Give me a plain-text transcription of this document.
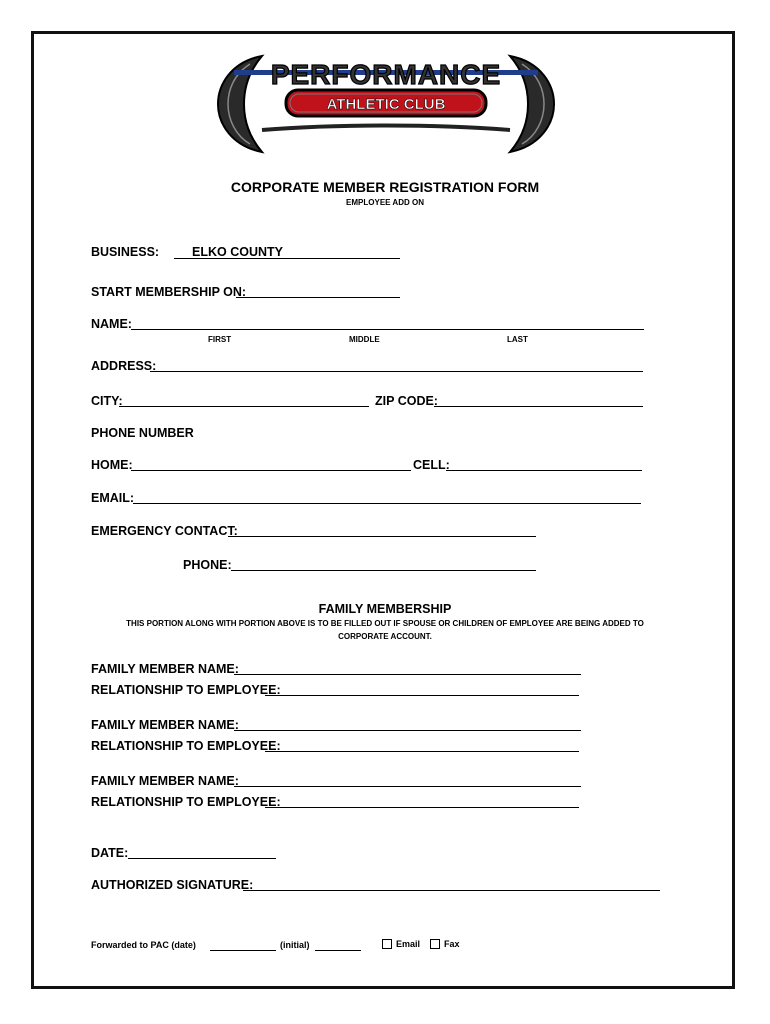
PERFORMANCE
ATHLETIC CLUB
CORPORATE MEMBER REGISTRATION FORM
EMPLOYEE ADD ON
BUSINESS:	ELKO COUNTY
START MEMBERSHIP ON:
NAME:
FIRST	MIDDLE	LAST
ADDRESS:
CITY:	ZIP CODE:
PHONE NUMBER
HOME:	CELL:
EMAIL:
EMERGENCY CONTACT:
PHONE:
FAMILY MEMBERSHIP
THIS PORTION ALONG WITH PORTION ABOVE IS TO BE FILLED OUT IF SPOUSE OR CHILDREN OF EMPLOYEE ARE BEING ADDED TO
CORPORATE ACCOUNT.
FAMILY MEMBER NAME:
RELATIONSHIP TO EMPLOYEE:
FAMILY MEMBER NAME:
RELATIONSHIP TO EMPLOYEE:
FAMILY MEMBER NAME:
RELATIONSHIP TO EMPLOYEE:
DATE:
AUTHORIZED SIGNATURE:
Forwarded to PAC (date)	(initial)	Email	Fax
